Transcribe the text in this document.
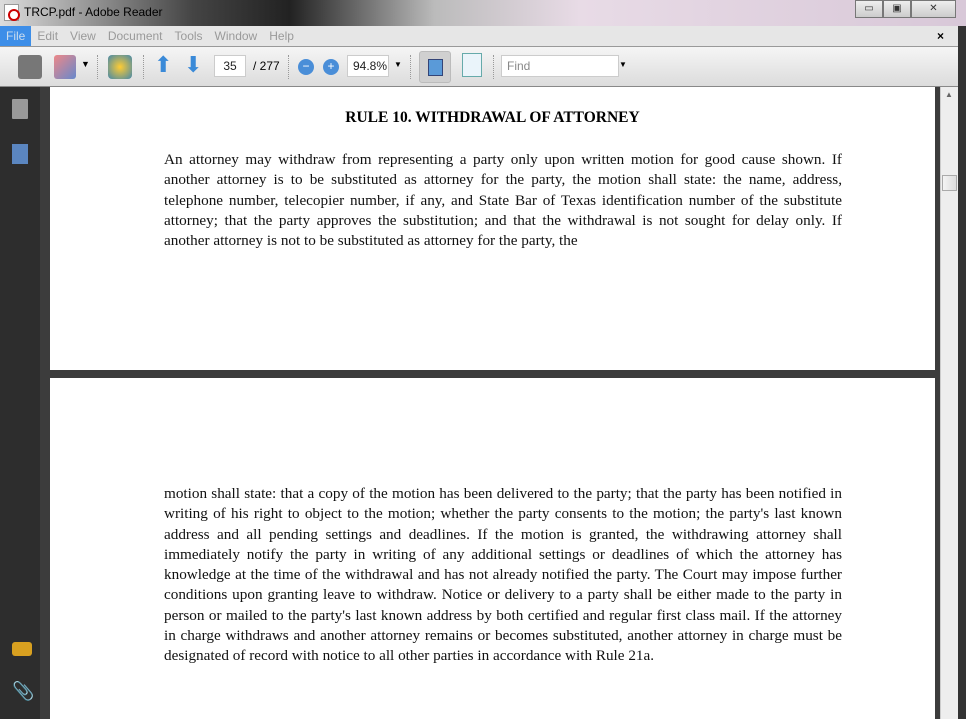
TRCP.pdf - Adobe Reader	▭	▣	✕
File Edit View Document Tools Window Help	×
▼	⬆ ⬇	35	/ 277	−	+	94.8% ▼	Find	▼
📎
RULE 10. WITHDRAWAL OF ATTORNEY
An attorney may withdraw from representing a party only upon written motion for good cause shown. If another attorney is to be substituted as attorney for the party, the motion shall state: the name, address, telephone number, telecopier number, if any, and State Bar of Texas identification number of the substitute attorney; that the party approves the substitution; and that the withdrawal is not sought for delay only. If another attorney is not to be substituted as attorney for the party, the
motion shall state: that a copy of the motion has been delivered to the party; that the party has been notified in writing of his right to object to the motion; whether the party consents to the motion; the party's last known address and all pending settings and deadlines. If the motion is granted, the withdrawing attorney shall immediately notify the party in writing of any additional settings or deadlines of which the attorney has knowledge at the time of the withdrawal and has not already notified the party. The Court may impose further conditions upon granting leave to withdraw. Notice or delivery to a party shall be either made to the party in person or mailed to the party's last known address by both certified and regular first class mail. If the attorney in charge withdraws and another attorney remains or becomes substituted, another attorney in charge must be designated of record with notice to all other parties in accordance with Rule 21a.
▲
